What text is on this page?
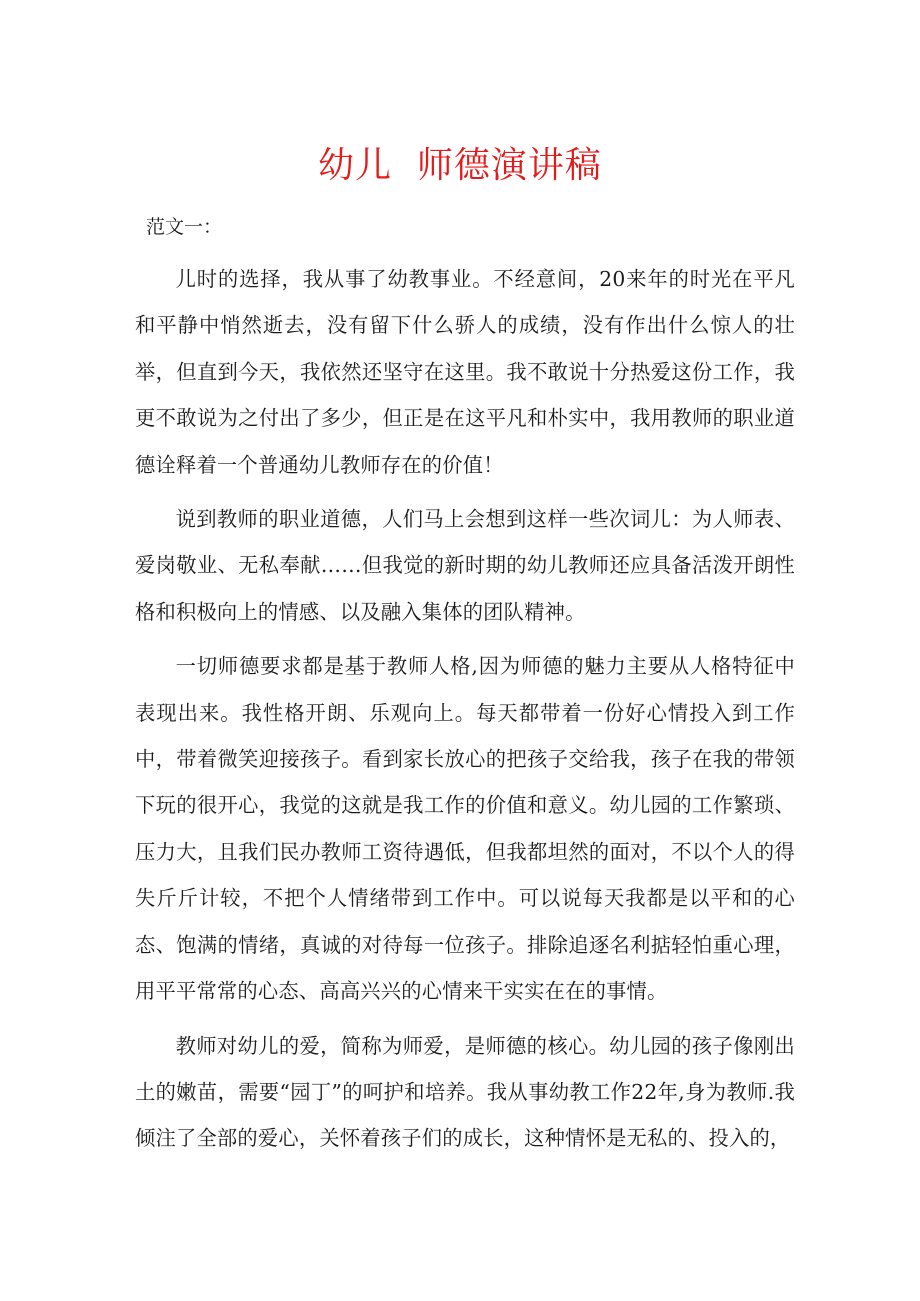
幼儿  师德演讲稿
范文一：

儿时的选择，我从事了幼教事业。不经意间，20来年的时光在平凡和平静中悄然逝去，没有留下什么骄人的成绩，没有作出什么惊人的壮举，但直到今天，我依然还坚守在这里。我不敢说十分热爱这份工作，我更不敢说为之付出了多少，但正是在这平凡和朴实中，我用教师的职业道德诠释着一个普通幼儿教师存在的价值！

说到教师的职业道德，人们马上会想到这样一些次词儿：为人师表、爱岗敬业、无私奉献……但我觉的新时期的幼儿教师还应具备活泼开朗性格和积极向上的情感、以及融入集体的团队精神。

一切师德要求都是基于教师人格,因为师德的魅力主要从人格特征中表现出来。我性格开朗、乐观向上。每天都带着一份好心情投入到工作中，带着微笑迎接孩子。看到家长放心的把孩子交给我，孩子在我的带领下玩的很开心，我觉的这就是我工作的价值和意义。幼儿园的工作繁琐、压力大，且我们民办教师工资待遇低，但我都坦然的面对，不以个人的得失斤斤计较，不把个人情绪带到工作中。可以说每天我都是以平和的心态、饱满的情绪，真诚的对待每一位孩子。排除追逐名利掂轻怕重心理，用平平常常的心态、高高兴兴的心情来干实实在在的事情。

教师对幼儿的爱，简称为师爱，是师德的核心。幼儿园的孩子像刚出土的嫩苗，需要“园丁”的呵护和培养。我从事幼教工作22年,身为教师.我倾注了全部的爱心，关怀着孩子们的成长，这种情怀是无私的、投入的，
